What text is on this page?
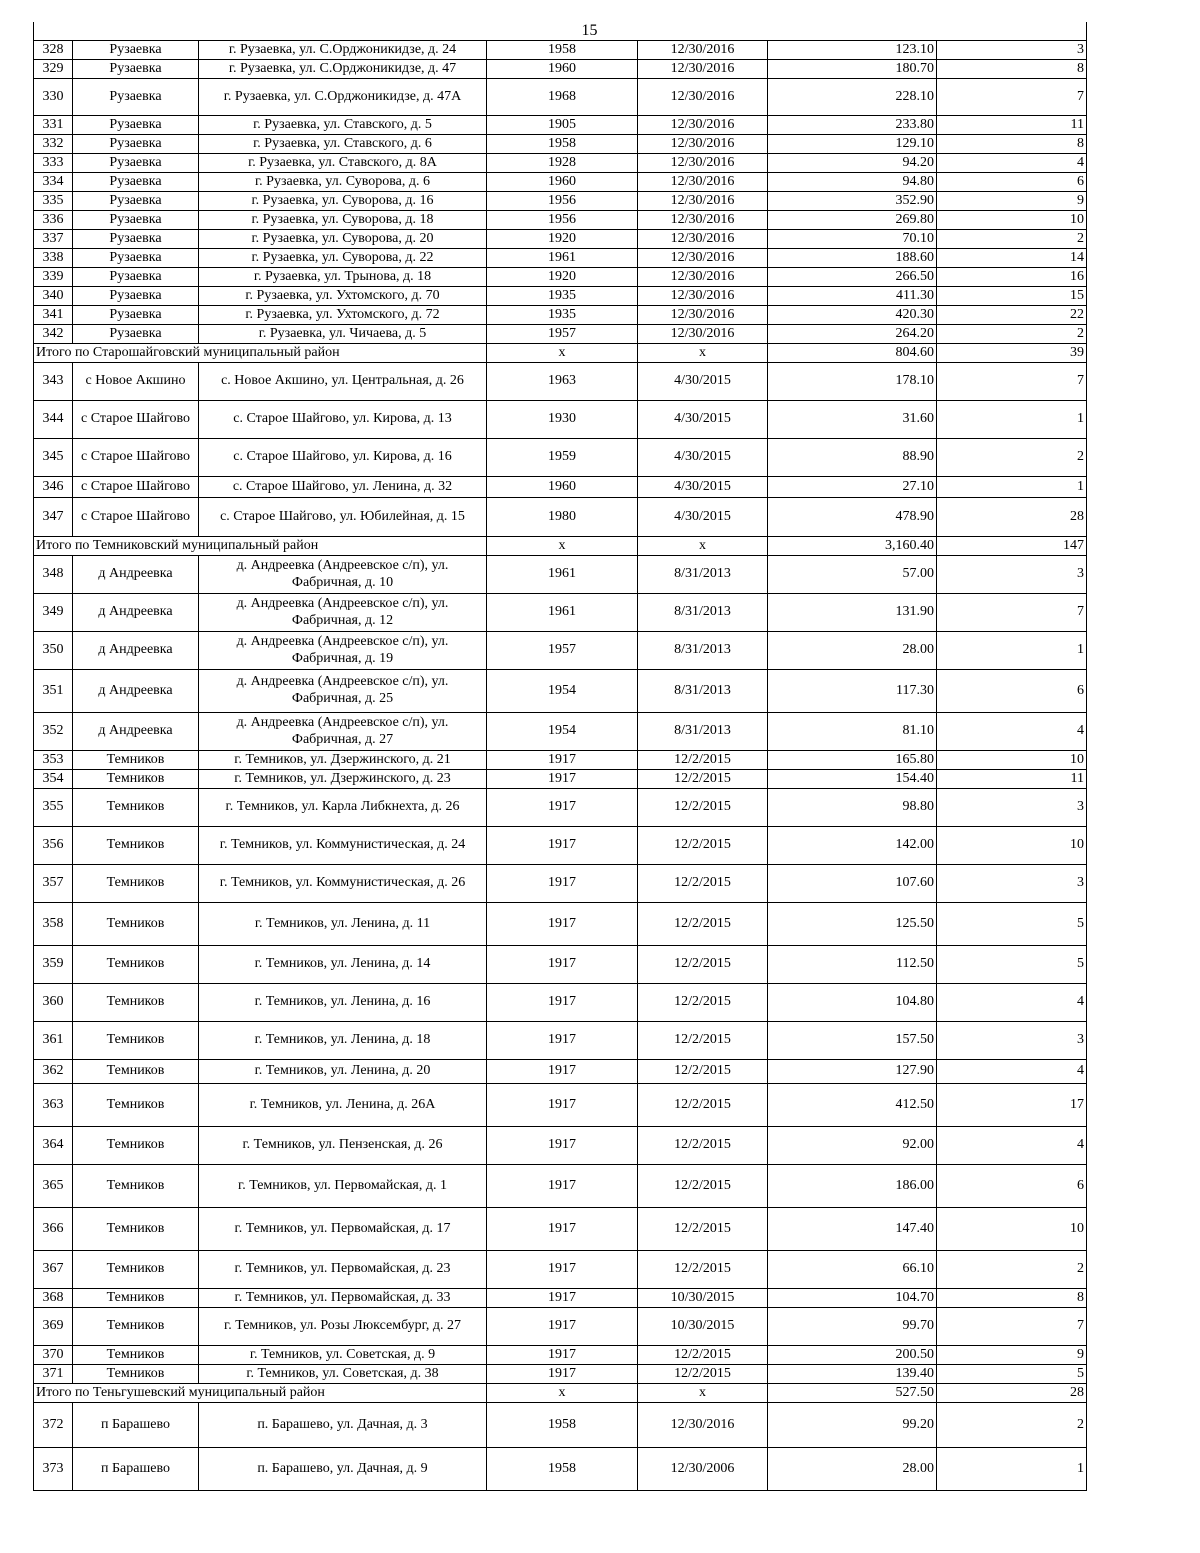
				15		
328	Рузаевка	г. Рузаевка, ул. С.Орджоникидзе, д. 24	1958	12/30/2016	123.10	3
329	Рузаевка	г. Рузаевка, ул. С.Орджоникидзе, д. 47	1960	12/30/2016	180.70	8
330	Рузаевка	г. Рузаевка, ул. С.Орджоникидзе, д. 47А	1968	12/30/2016	228.10	7
331	Рузаевка	г. Рузаевка, ул. Ставского, д. 5	1905	12/30/2016	233.80	11
332	Рузаевка	г. Рузаевка, ул. Ставского, д. 6	1958	12/30/2016	129.10	8
333	Рузаевка	г. Рузаевка, ул. Ставского, д. 8А	1928	12/30/2016	94.20	4
334	Рузаевка	г. Рузаевка, ул. Суворова, д. 6	1960	12/30/2016	94.80	6
335	Рузаевка	г. Рузаевка, ул. Суворова, д. 16	1956	12/30/2016	352.90	9
336	Рузаевка	г. Рузаевка, ул. Суворова, д. 18	1956	12/30/2016	269.80	10
337	Рузаевка	г. Рузаевка, ул. Суворова, д. 20	1920	12/30/2016	70.10	2
338	Рузаевка	г. Рузаевка, ул. Суворова, д. 22	1961	12/30/2016	188.60	14
339	Рузаевка	г. Рузаевка, ул. Трынова, д. 18	1920	12/30/2016	266.50	16
340	Рузаевка	г. Рузаевка, ул. Ухтомского, д. 70	1935	12/30/2016	411.30	15
341	Рузаевка	г. Рузаевка, ул. Ухтомского, д. 72	1935	12/30/2016	420.30	22
342	Рузаевка	г. Рузаевка, ул. Чичаева, д. 5	1957	12/30/2016	264.20	2
Итого по Старошайговский муниципальный район			x	x	804.60	39
343	с Новое Акшино	с. Новое Акшино, ул. Центральная, д. 26	1963	4/30/2015	178.10	7
344	с Старое Шайгово	с. Старое Шайгово, ул. Кирова, д. 13	1930	4/30/2015	31.60	1
345	с Старое Шайгово	с. Старое Шайгово, ул. Кирова, д. 16	1959	4/30/2015	88.90	2
346	с Старое Шайгово	с. Старое Шайгово, ул. Ленина, д. 32	1960	4/30/2015	27.10	1
347	с Старое Шайгово	с. Старое Шайгово, ул. Юбилейная, д. 15	1980	4/30/2015	478.90	28
Итого по Темниковский муниципальный район			x	x	3,160.40	147
348	д Андреевка	д. Андреевка (Андреевское с/п), ул. Фабричная, д. 10	1961	8/31/2013	57.00	3
349	д Андреевка	д. Андреевка (Андреевское с/п), ул. Фабричная, д. 12	1961	8/31/2013	131.90	7
350	д Андреевка	д. Андреевка (Андреевское с/п), ул. Фабричная, д. 19	1957	8/31/2013	28.00	1
351	д Андреевка	д. Андреевка (Андреевское с/п), ул. Фабричная, д. 25	1954	8/31/2013	117.30	6
352	д Андреевка	д. Андреевка (Андреевское с/п), ул. Фабричная, д. 27	1954	8/31/2013	81.10	4
353	Темников	г. Темников, ул. Дзержинского, д. 21	1917	12/2/2015	165.80	10
354	Темников	г. Темников, ул. Дзержинского, д. 23	1917	12/2/2015	154.40	11
355	Темников	г. Темников, ул. Карла Либкнехта, д. 26	1917	12/2/2015	98.80	3
356	Темников	г. Темников, ул. Коммунистическая, д. 24	1917	12/2/2015	142.00	10
357	Темников	г. Темников, ул. Коммунистическая, д. 26	1917	12/2/2015	107.60	3
358	Темников	г. Темников, ул. Ленина, д. 11	1917	12/2/2015	125.50	5
359	Темников	г. Темников, ул. Ленина, д. 14	1917	12/2/2015	112.50	5
360	Темников	г. Темников, ул. Ленина, д. 16	1917	12/2/2015	104.80	4
361	Темников	г. Темников, ул. Ленина, д. 18	1917	12/2/2015	157.50	3
362	Темников	г. Темников, ул. Ленина, д. 20	1917	12/2/2015	127.90	4
363	Темников	г. Темников, ул. Ленина, д. 26А	1917	12/2/2015	412.50	17
364	Темников	г. Темников, ул. Пензенская, д. 26	1917	12/2/2015	92.00	4
365	Темников	г. Темников, ул. Первомайская, д. 1	1917	12/2/2015	186.00	6
366	Темников	г. Темников, ул. Первомайская, д. 17	1917	12/2/2015	147.40	10
367	Темников	г. Темников, ул. Первомайская, д. 23	1917	12/2/2015	66.10	2
368	Темников	г. Темников, ул. Первомайская, д. 33	1917	10/30/2015	104.70	8
369	Темников	г. Темников, ул. Розы Люксембург, д. 27	1917	10/30/2015	99.70	7
370	Темников	г. Темников, ул. Советская, д. 9	1917	12/2/2015	200.50	9
371	Темников	г. Темников, ул. Советская, д. 38	1917	12/2/2015	139.40	5
Итого по Теньгушевский муниципальный район			x	x	527.50	28
372	п Барашево	п. Барашево, ул. Дачная, д. 3	1958	12/30/2016	99.20	2
373	п Барашево	п. Барашево, ул. Дачная, д. 9	1958	12/30/2006	28.00	1
